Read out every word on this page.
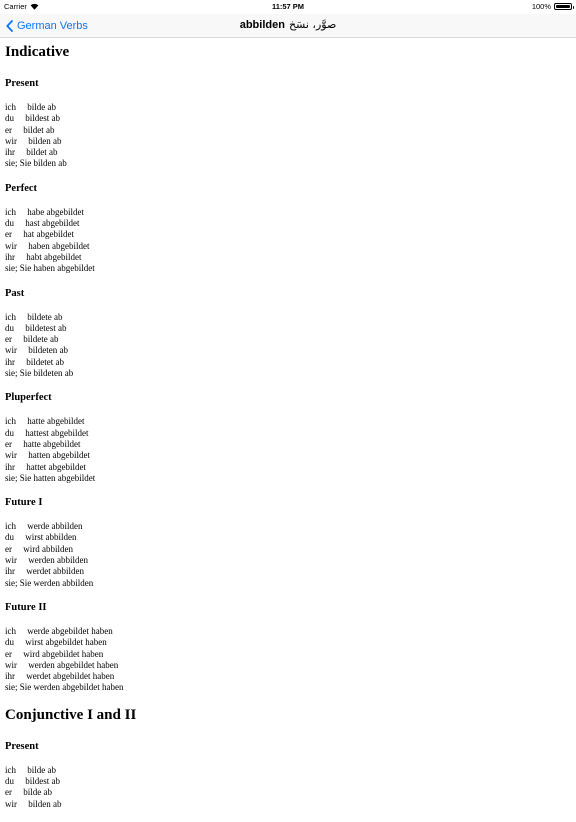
Carrier	11:57 PM	100%
German Verbs	abbilden صوَّر، نسَخ
Indicative
Present
ich bilde ab
du bildest ab
er bildet ab
wir bilden ab
ihr bildet ab
sie; Sie bilden ab
Perfect
ich habe abgebildet
du hast abgebildet
er hat abgebildet
wir haben abgebildet
ihr habt abgebildet
sie; Sie haben abgebildet
Past
ich bildete ab
du bildetest ab
er bildete ab
wir bildeten ab
ihr bildetet ab
sie; Sie bildeten ab
Pluperfect
ich hatte abgebildet
du hattest abgebildet
er hatte abgebildet
wir hatten abgebildet
ihr hattet abgebildet
sie; Sie hatten abgebildet
Future I
ich werde abbilden
du wirst abbilden
er wird abbilden
wir werden abbilden
ihr werdet abbilden
sie; Sie werden abbilden
Future II
ich werde abgebildet haben
du wirst abgebildet haben
er wird abgebildet haben
wir werden abgebildet haben
ihr werdet abgebildet haben
sie; Sie werden abgebildet haben
Conjunctive I and II
Present
ich bilde ab
du bildest ab
er bilde ab
wir bilden ab
